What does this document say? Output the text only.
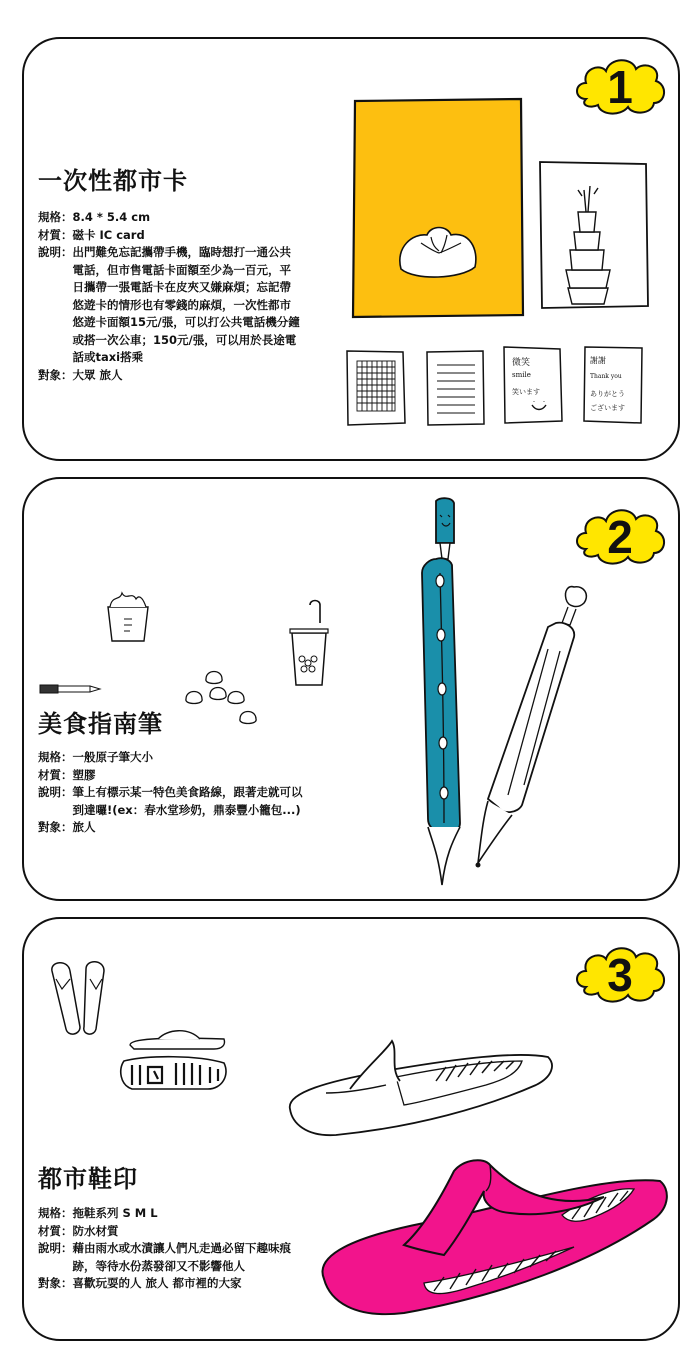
1
一次性都市卡
規格： 8.4 * 5.4 cm
材質： 磁卡 IC card
說明： 出門難免忘記攜帶手機，臨時想打一通公共電話，但市售電話卡面額至少為一百元，平日攜帶一張電話卡在皮夾又嫌麻煩；忘記帶悠遊卡的情形也有零錢的麻煩，一次性都市悠遊卡面額15元/張，可以打公共電話機分鐘或搭一次公車；150元/張，可以用於長途電話或taxi搭乘
對象： 大眾 旅人
微笑
smile
笑います
謝謝
Thank you
ありがとう
ございます
2
美食指南筆
規格： 一般原子筆大小
材質： 塑膠
說明： 筆上有標示某一特色美食路線，跟著走就可以到達囉!(ex：春水堂珍奶，鼎泰豐小籠包...)
對象： 旅人
3
都市鞋印
規格： 拖鞋系列 S M L
材質： 防水材質
說明： 藉由雨水或水漬讓人們凡走過必留下趣味痕跡，等待水份蒸發卻又不影響他人
對象： 喜歡玩耍的人 旅人 都市裡的大家
